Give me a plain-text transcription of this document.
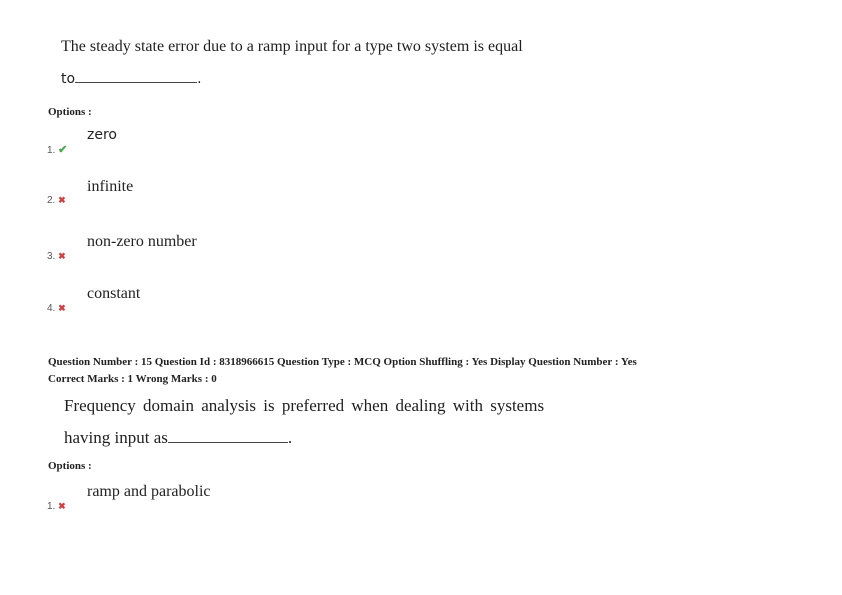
The steady state error due to a ramp input for a type two system is equal
to	.
Options :
zero
1. ✔
infinite
2. ✖
non-zero number
3. ✖
constant
4. ✖
Question Number : 15 Question Id : 8318966615 Question Type : MCQ Option Shuffling : Yes Display Question Number : Yes
Correct Marks : 1 Wrong Marks : 0
Frequency domain analysis is preferred when dealing with systems
having input as	.
Options :
ramp and parabolic
1. ✖
